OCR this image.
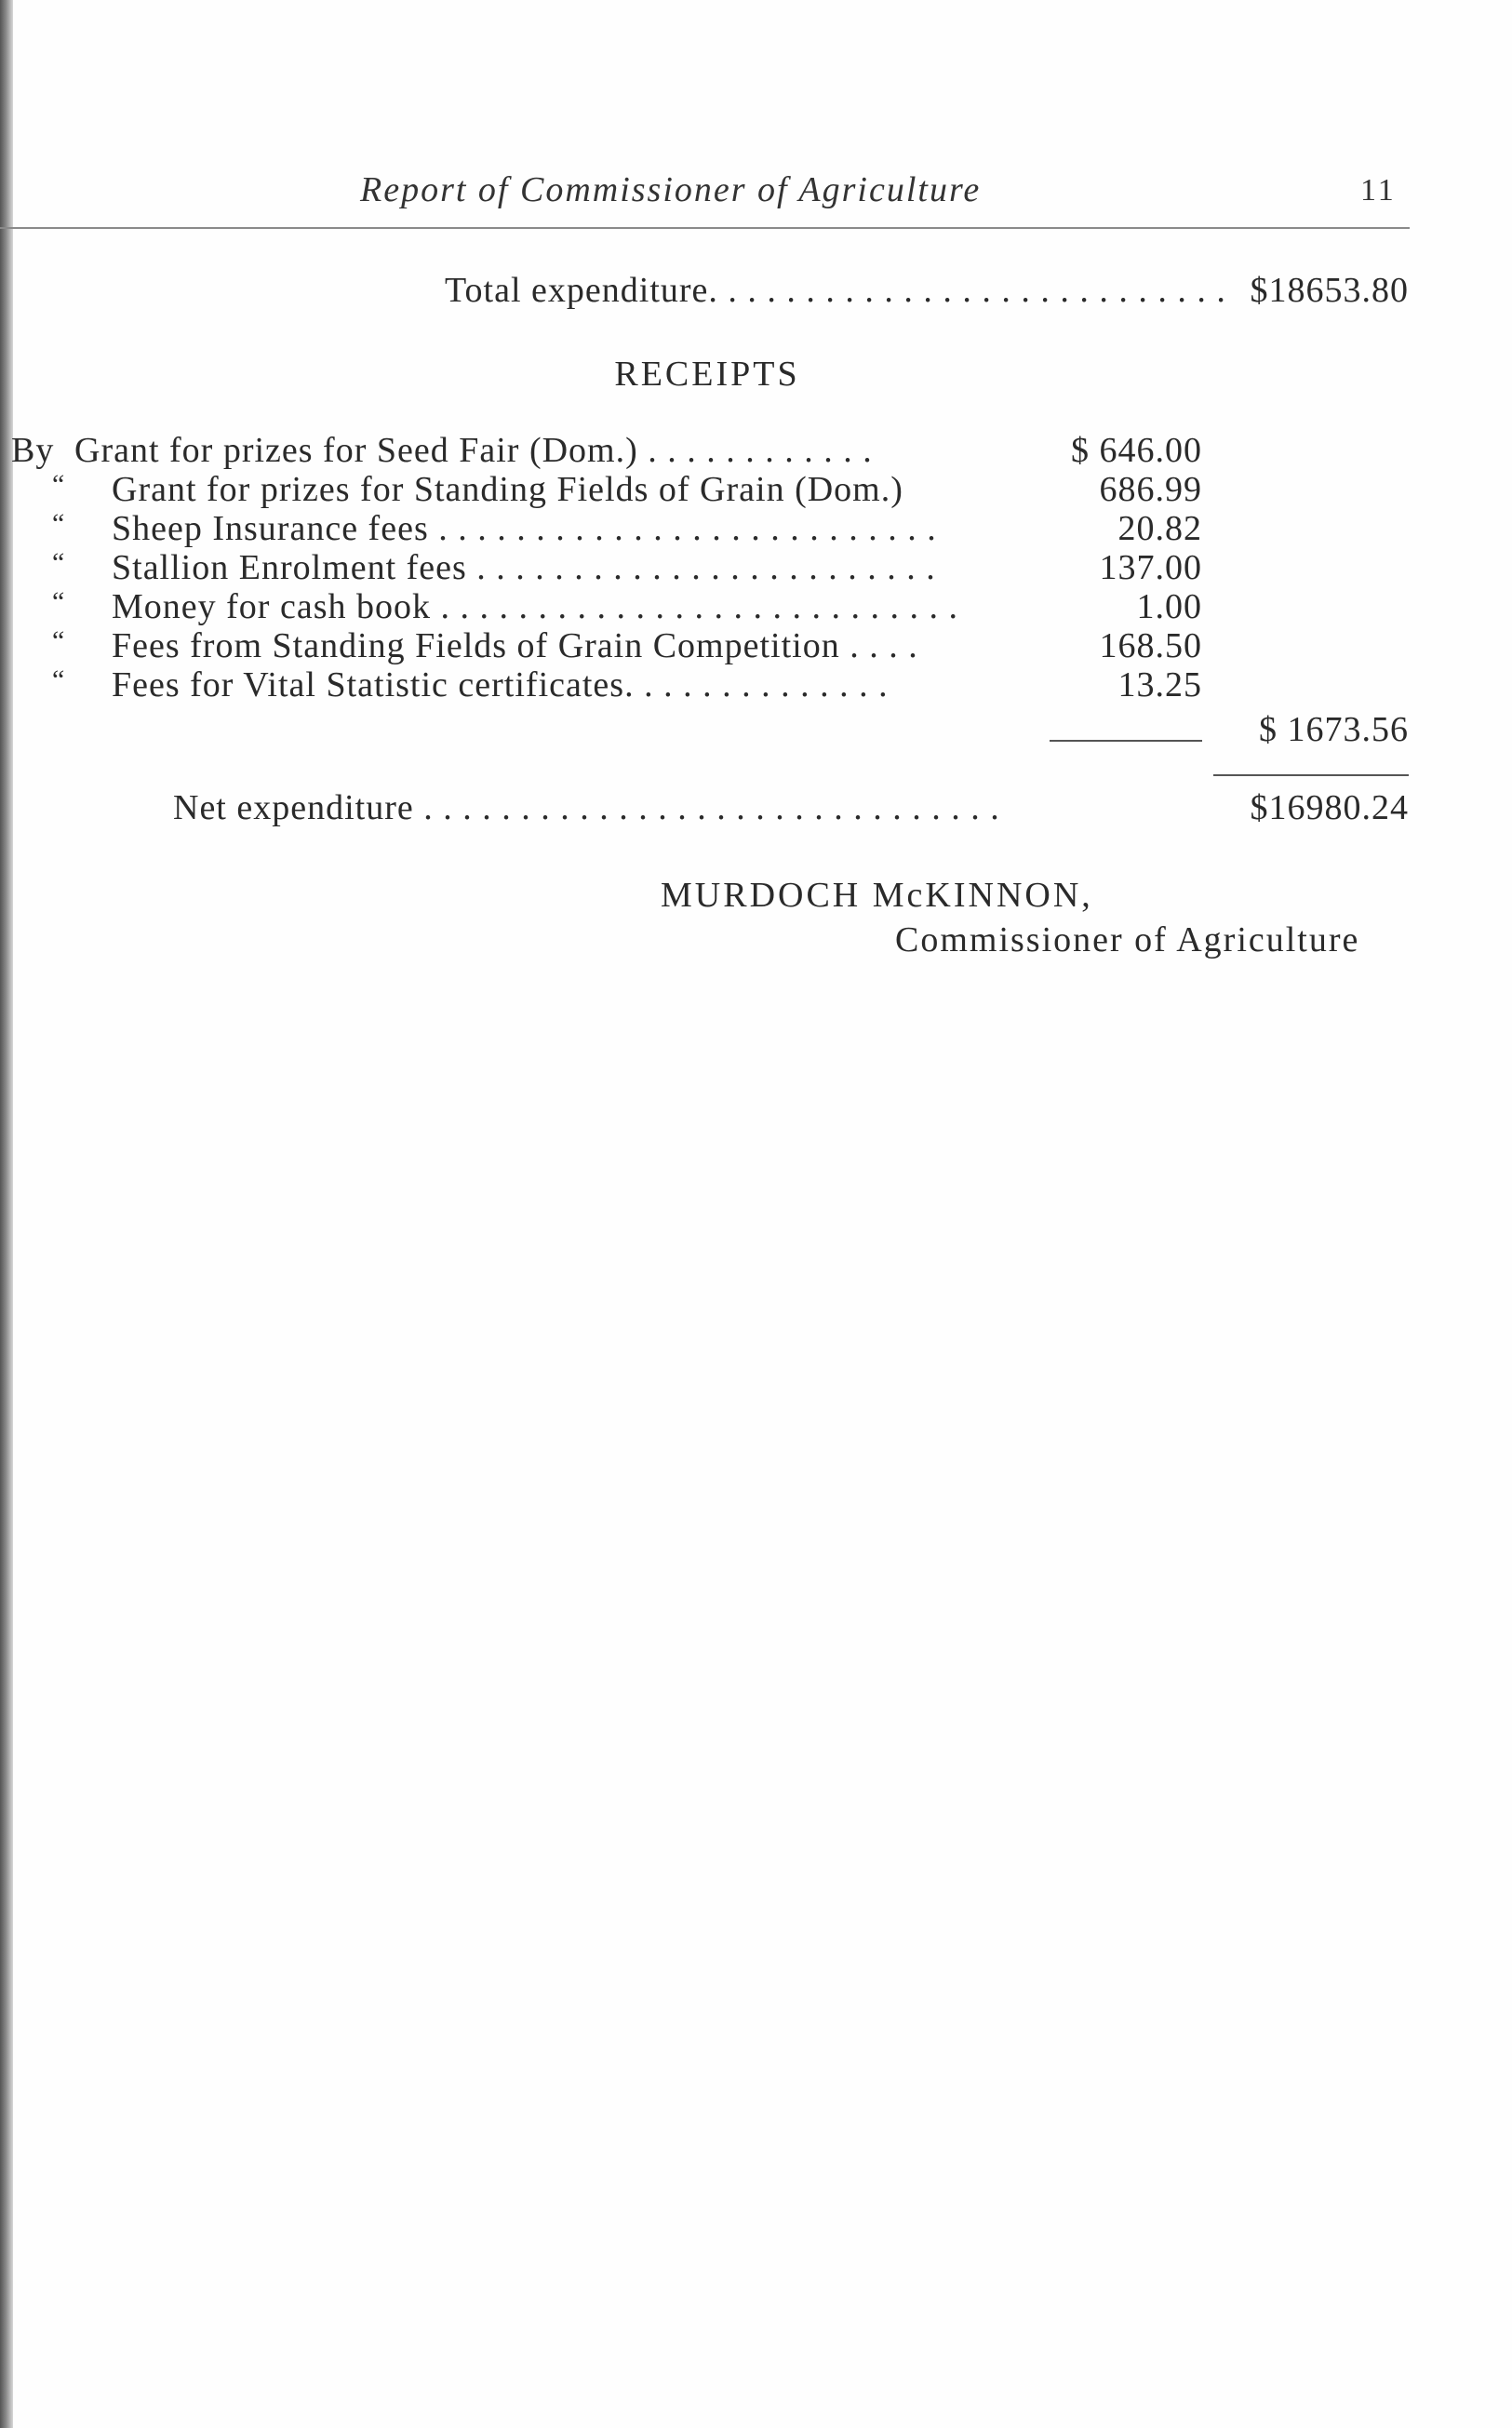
Report of Commissioner of Agriculture	11
Total expenditure. . . . . . . . . . . . . . . . . . . . . . . . . . . $18653.80
RECEIPTS
By Grant for prizes for Seed Fair (Dom.) . . . . . . . . . . . .	$ 646.00
“ Grant for prizes for Standing Fields of Grain (Dom.)	686.99
“ Sheep Insurance fees . . . . . . . . . . . . . . . . . . . . . . . . . .	20.82
“ Stallion Enrolment fees . . . . . . . . . . . . . . . . . . . . . . . .	137.00
“ Money for cash book . . . . . . . . . . . . . . . . . . . . . . . . . . .	1.00
“ Fees from Standing Fields of Grain Competition . . . .	168.50
“ Fees for Vital Statistic certificates. . . . . . . . . . . . . .	13.25
$ 1673.56
Net expenditure . . . . . . . . . . . . . . . . . . . . . . . . . . . . . .	$16980.24
MURDOCH McKINNON,
Commissioner of Agriculture
